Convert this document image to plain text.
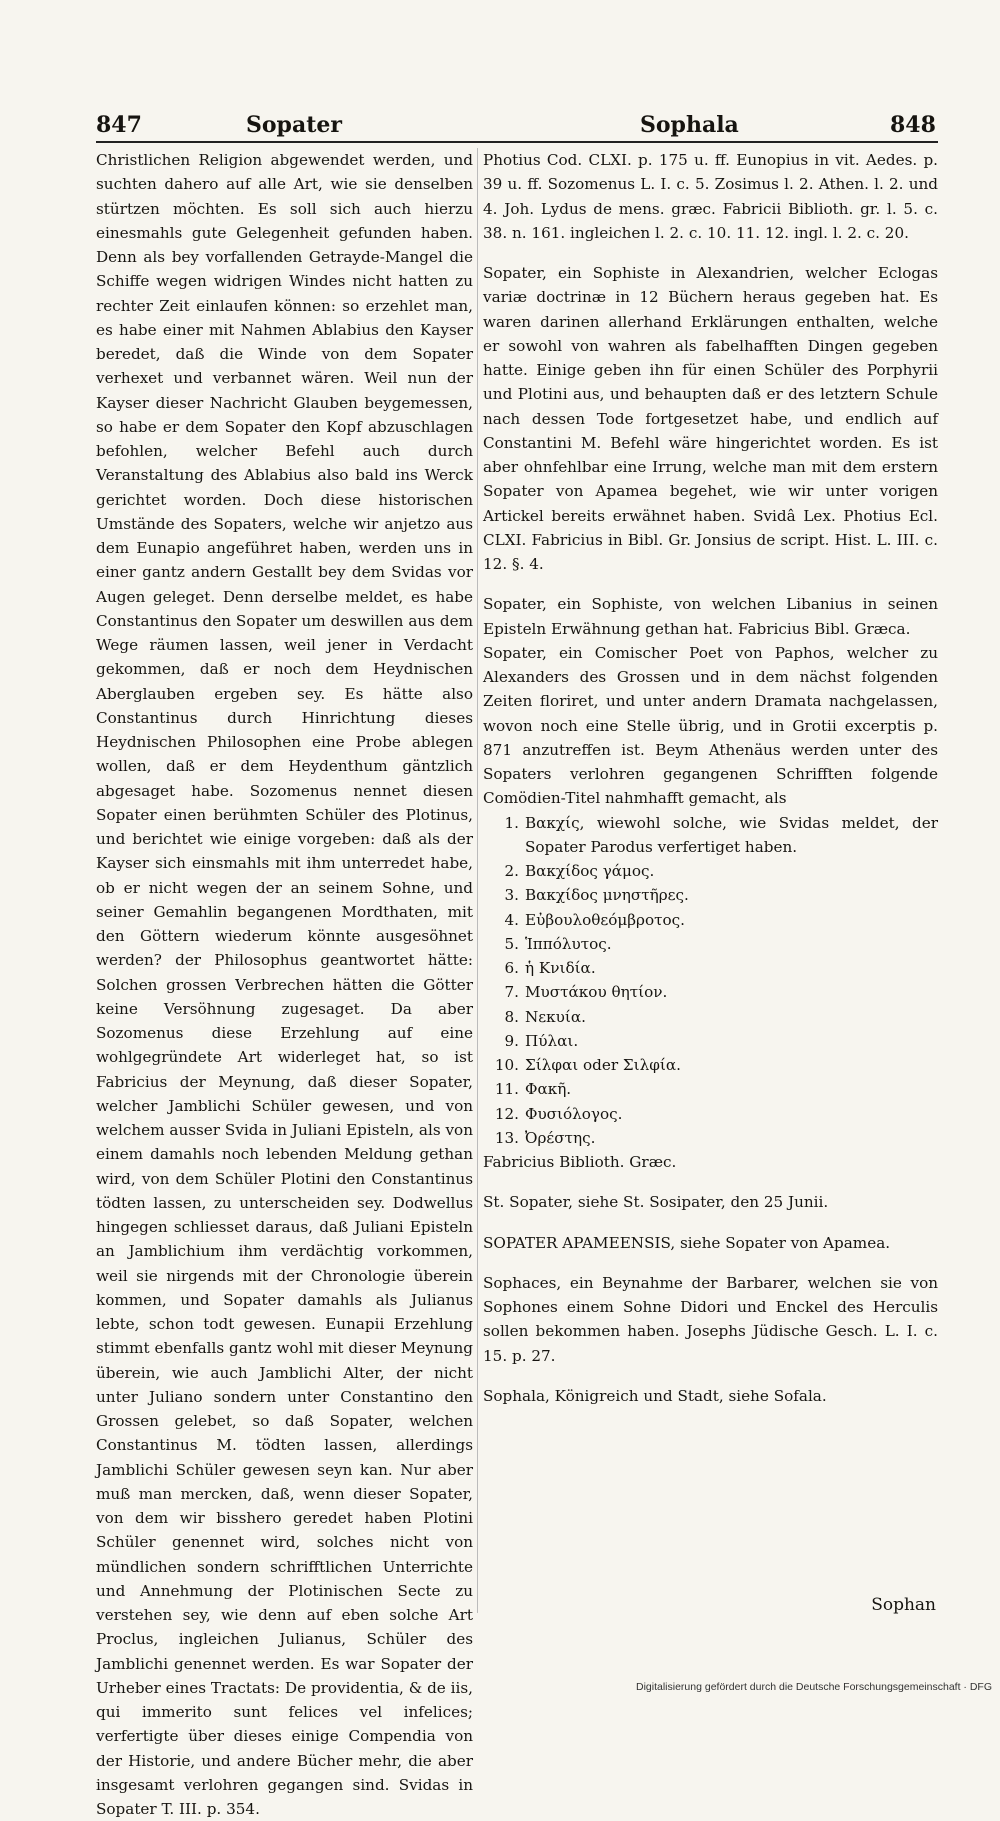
847	Sopater	Sophala	848

Christlichen Religion abgewendet werden, und suchten dahero auf alle Art, wie sie denselben stürtzen möchten. Es soll sich auch hierzu einesmahls gute Gelegenheit gefunden haben. Denn als bey vorfallenden Getrayde-Mangel die Schiffe wegen widrigen Windes nicht hatten zu rechter Zeit einlaufen können: so erzehlet man, es habe einer mit Nahmen Ablabius den Kayser beredet, daß die Winde von dem Sopater verhexet und verbannet wären. Weil nun der Kayser dieser Nachricht Glauben beygemessen, so habe er dem Sopater den Kopf abzuschlagen befohlen, welcher Befehl auch durch Veranstaltung des Ablabius also bald ins Werck gerichtet worden. Doch diese historischen Umstände des Sopaters, welche wir anjetzo aus dem Eunapio angeführet haben, werden uns in einer gantz andern Gestallt bey dem Svidas vor Augen geleget. Denn derselbe meldet, es habe Constantinus den Sopater um deswillen aus dem Wege räumen lassen, weil jener in Verdacht gekommen, daß er noch dem Heydnischen Aberglauben ergeben sey. Es hätte also Constantinus durch Hinrichtung dieses Heydnischen Philosophen eine Probe ablegen wollen, daß er dem Heydenthum gäntzlich abgesaget habe. Sozomenus nennet diesen Sopater einen berühmten Schüler des Plotinus, und berichtet wie einige vorgeben: daß als der Kayser sich einsmahls mit ihm unterredet habe, ob er nicht wegen der an seinem Sohne, und seiner Gemahlin begangenen Mordthaten, mit den Göttern wiederum könnte ausgesöhnet werden? der Philosophus geantwortet hätte: Solchen grossen Verbrechen hätten die Götter keine Versöhnung zugesaget. Da aber Sozomenus diese Erzehlung auf eine wohlgegründete Art widerleget hat, so ist Fabricius der Meynung, daß dieser Sopater, welcher Jamblichi Schüler gewesen, und von welchem ausser Svida in Juliani Episteln, als von einem damahls noch lebenden Meldung gethan wird, von dem Schüler Plotini den Constantinus tödten lassen, zu unterscheiden sey. Dodwellus hingegen schliesset daraus, daß Juliani Episteln an Jamblichium ihm verdächtig vorkommen, weil sie nirgends mit der Chronologie überein kommen, und Sopater damahls als Julianus lebte, schon todt gewesen. Eunapii Erzehlung stimmt ebenfalls gantz wohl mit dieser Meynung überein, wie auch Jamblichi Alter, der nicht unter Juliano sondern unter Constantino den Grossen gelebet, so daß Sopater, welchen Constantinus M. tödten lassen, allerdings Jamblichi Schüler gewesen seyn kan. Nur aber muß man mercken, daß, wenn dieser Sopater, von dem wir bisshero geredet haben Plotini Schüler genennet wird, solches nicht von mündlichen sondern schrifftlichen Unterrichte und Annehmung der Plotinischen Secte zu verstehen sey, wie denn auf eben solche Art Proclus, ingleichen Julianus, Schüler des Jamblichi genennet werden. Es war Sopater der Urheber eines Tractats: De providentia, & de iis, qui immerito sunt felices vel infelices; verfertigte über dieses einige Compendia von der Historie, und andere Bücher mehr, die aber insgesamt verlohren gegangen sind. Svidas in Sopater T. III. p. 354.

Photius Cod. CLXI. p. 175 u. ff. Eunopius in vit. Aedes. p. 39 u. ff. Sozomenus L. I. c. 5. Zosimus l. 2. Athen. l. 2. und 4. Joh. Lydus de mens. græc. Fabricii Biblioth. gr. l. 5. c. 38. n. 161. ingleichen l. 2. c. 10. 11. 12. ingl. l. 2. c. 20.

Sopater, ein Sophiste in Alexandrien, welcher Eclogas variæ doctrinæ in 12 Büchern heraus gegeben hat. Es waren darinen allerhand Erklärungen enthalten, welche er sowohl von wahren als fabelhafften Dingen gegeben hatte. Einige geben ihn für einen Schüler des Porphyrii und Plotini aus, und behaupten daß er des letztern Schule nach dessen Tode fortgesetzet habe, und endlich auf Constantini M. Befehl wäre hingerichtet worden. Es ist aber ohnfehlbar eine Irrung, welche man mit dem erstern Sopater von Apamea begehet, wie wir unter vorigen Artickel bereits erwähnet haben. Svidâ Lex. Photius Ecl. CLXI. Fabricius in Bibl. Gr. Jonsius de script. Hist. L. III. c. 12. §. 4.

Sopater, ein Sophiste, von welchen Libanius in seinen Episteln Erwähnung gethan hat. Fabricius Bibl. Græca.

Sopater, ein Comischer Poet von Paphos, welcher zu Alexanders des Grossen und in dem nächst folgenden Zeiten floriret, und unter andern Dramata nachgelassen, wovon noch eine Stelle übrig, und in Grotii excerptis p. 871 anzutreffen ist. Beym Athenäus werden unter des Sopaters verlohren gegangenen Schrifften folgende Comödien-Titel nahmhafft gemacht, als

1. Βακχίς, wiewohl solche, wie Svidas meldet, der Sopater Parodus verfertiget haben.
2. Βακχίδος γάμος.
3. Βακχίδος μνηστῆρες.
4. Εὐβουλοθεόμβροτος.
5. Ἱππόλυτος.
6. ἡ Κνιδία.
7. Μυστάκου θητίον.
8. Νεκυία.
9. Πύλαι.
10. Σίλφαι oder Σιλφία.
11. Φακῆ.
12. Φυσιόλογος.
13. Ὀρέστης.

Fabricius Biblioth. Græc.

St. Sopater, siehe St. Sosipater, den 25 Junii.

SOPATER APAMEENSIS, siehe Sopater von Apamea.

Sophaces, ein Beynahme der Barbarer, welchen sie von Sophones einem Sohne Didori und Enckel des Herculis sollen bekommen haben. Josephs Jüdische Gesch. L. I. c. 15. p. 27.

Sophala, Königreich und Stadt, siehe Sofala.

Sophan
Digitalisierung gefördert durch die Deutsche Forschungsgemeinschaft · DFG
